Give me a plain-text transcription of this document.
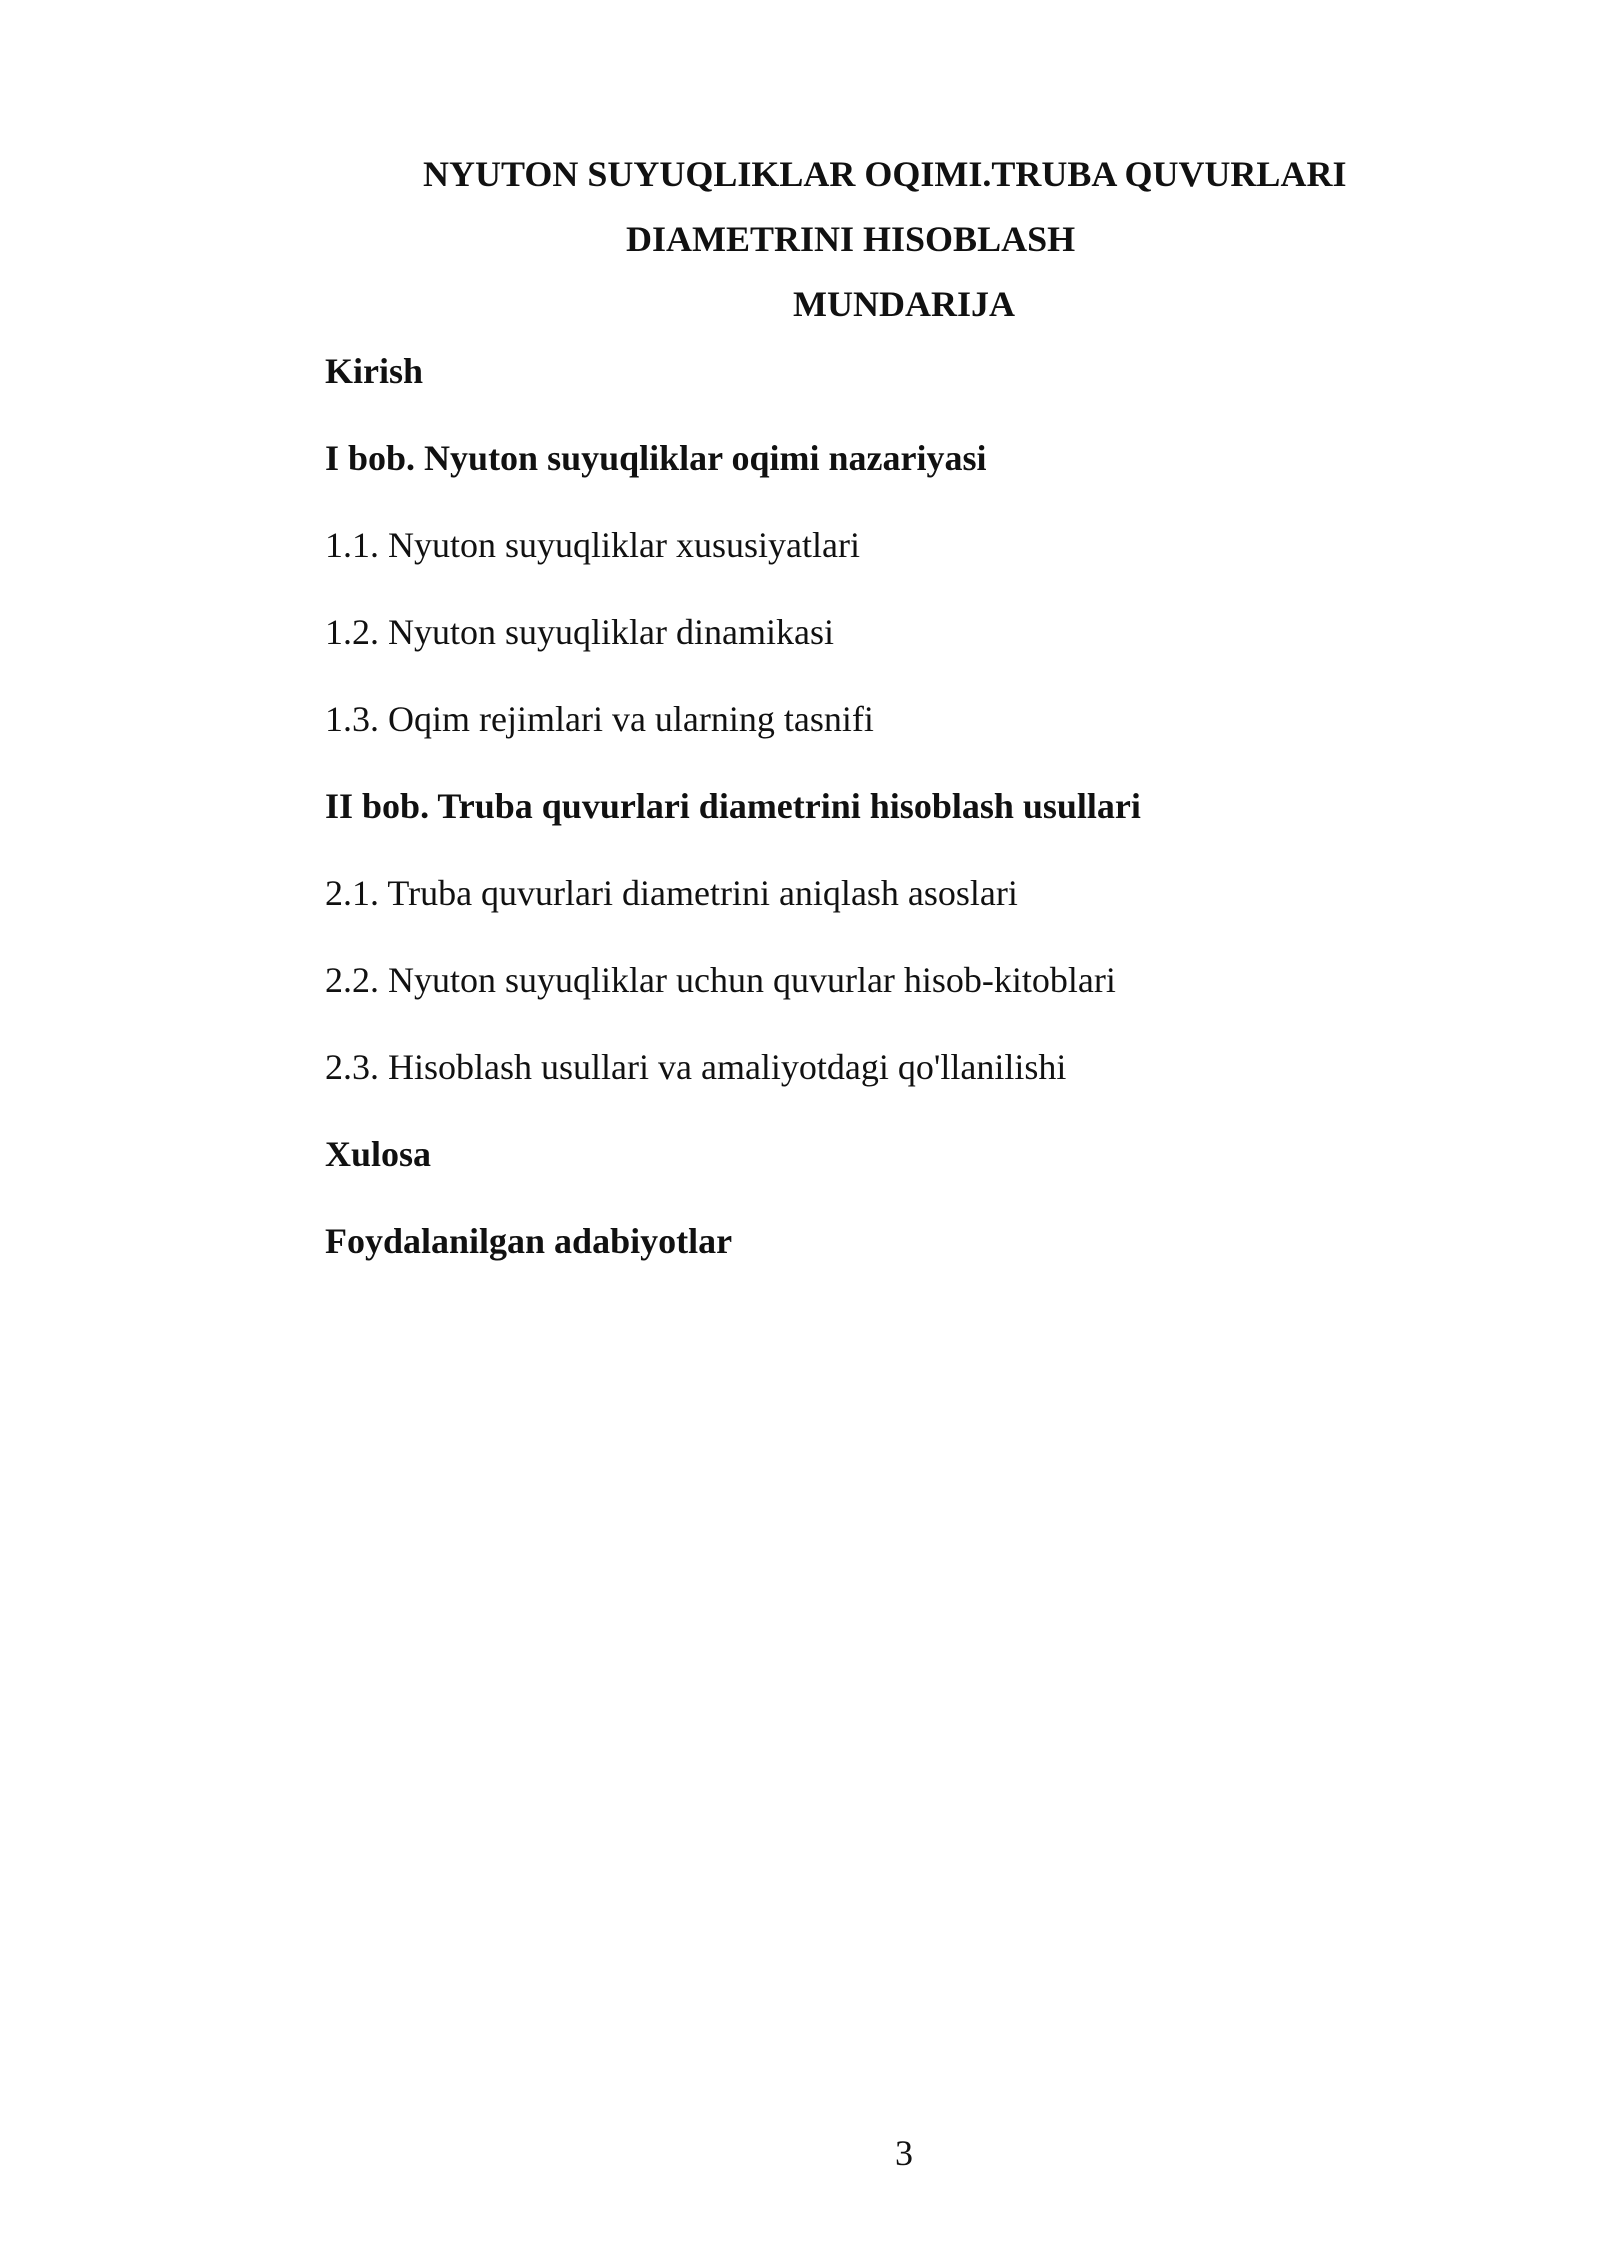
NYUTON SUYUQLIKLAR OQIMI.TRUBA QUVURLARI
DIAMETRINI HISOBLASH
MUNDARIJA
Kirish
I bob. Nyuton suyuqliklar oqimi nazariyasi
1.1. Nyuton suyuqliklar xususiyatlari
1.2. Nyuton suyuqliklar dinamikasi
1.3. Oqim rejimlari va ularning tasnifi
II bob. Truba quvurlari diametrini hisoblash usullari
2.1. Truba quvurlari diametrini aniqlash asoslari
2.2. Nyuton suyuqliklar uchun quvurlar hisob-kitoblari
2.3. Hisoblash usullari va amaliyotdagi qo'llanilishi
Xulosa
Foydalanilgan adabiyotlar
3
